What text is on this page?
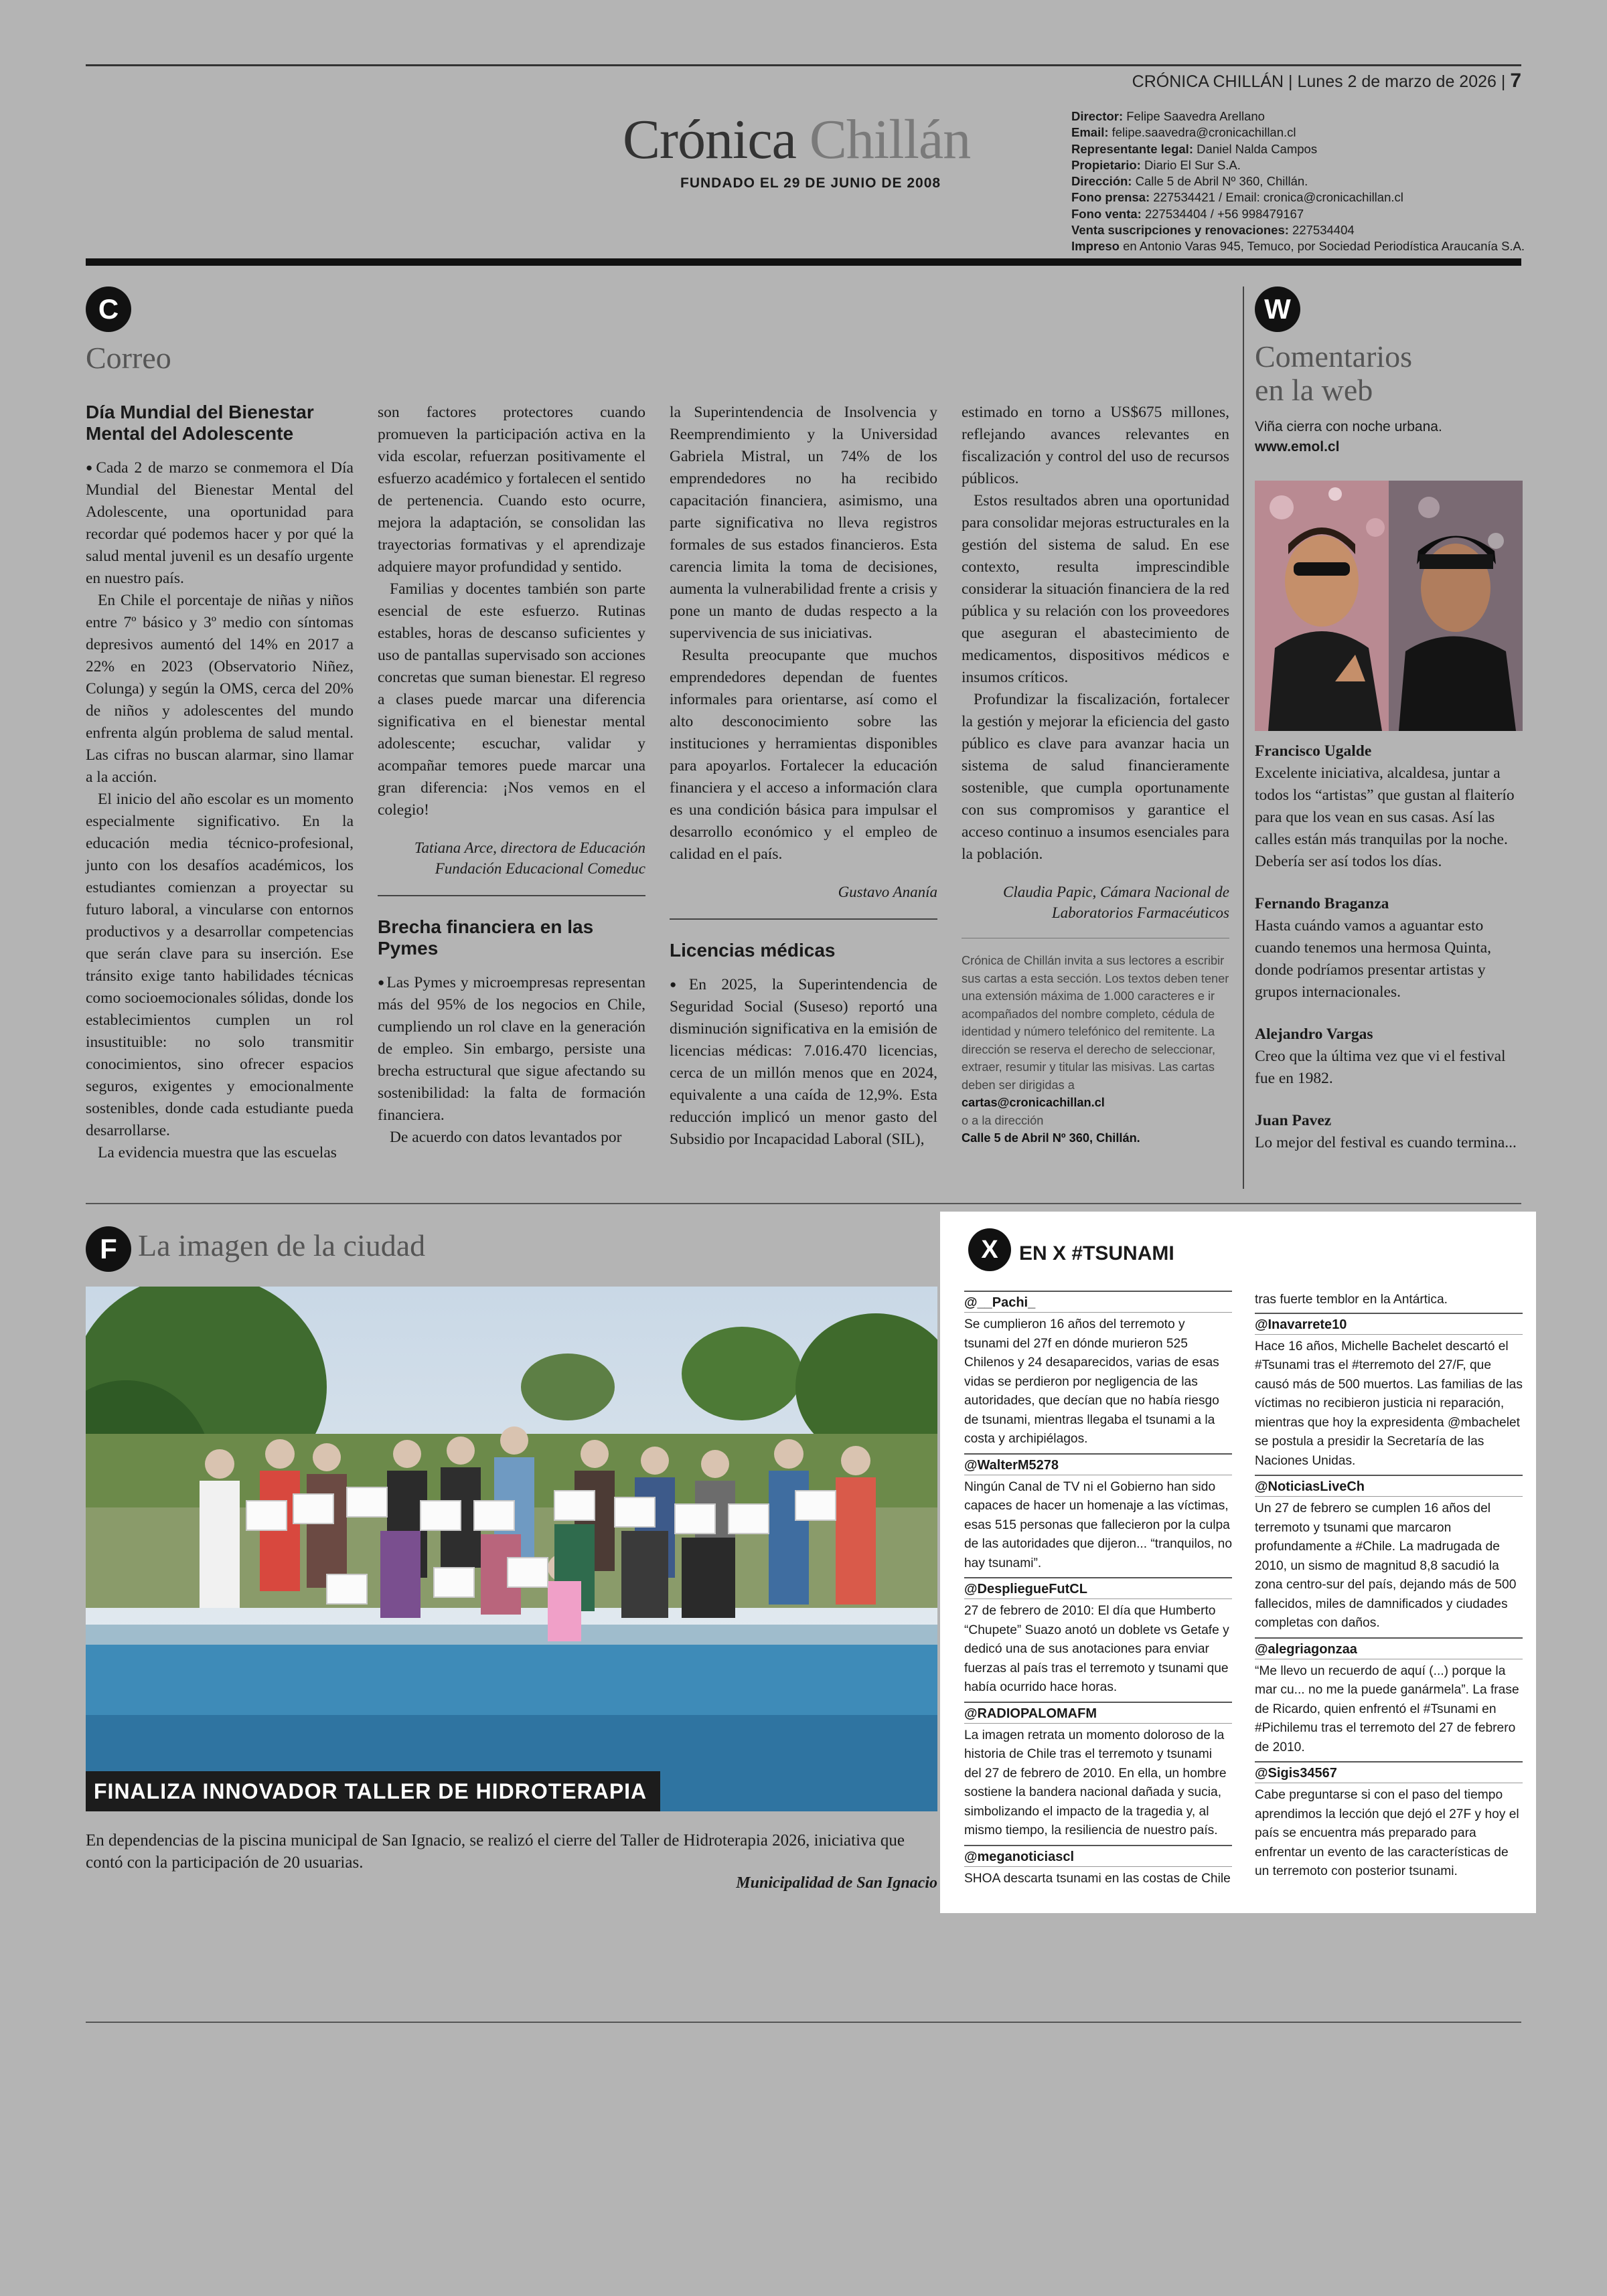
CRÓNICA CHILLÁN | Lunes 2 de marzo de 2026 | 7
Crónica Chillán
FUNDADO EL 29 DE JUNIO DE 2008
Director: Felipe Saavedra Arellano
Email: felipe.saavedra@cronicachillan.cl
Representante legal: Daniel Nalda Campos
Propietario: Diario El Sur S.A.
Dirección: Calle 5 de Abril Nº 360, Chillán.
Fono prensa: 227534421 / Email: cronica@cronicachillan.cl
Fono venta: 227534404 / +56 998479167
Venta suscripciones y renovaciones: 227534404
Impreso en Antonio Varas 945, Temuco, por Sociedad Periodística Araucanía S.A.
C
Correo
Día Mundial del Bienestar Mental del Adolescente

● Cada 2 de marzo se conmemora el Día Mundial del Bienestar Mental del Adolescente, una oportunidad para recordar qué podemos hacer y por qué la salud mental juvenil es un desafío urgente en nuestro país.

En Chile el porcentaje de niñas y niños entre 7º básico y 3º medio con síntomas depresivos aumentó del 14% en 2017 a 22% en 2023 (Observatorio Niñez, Colunga) y según la OMS, cerca del 20% de niños y adolescentes del mundo enfrenta algún problema de salud mental. Las cifras no buscan alarmar, sino llamar a la acción.

El inicio del año escolar es un momento especialmente significativo. En la educación media técnico-profesional, junto con los desafíos académicos, los estudiantes comienzan a proyectar su futuro laboral, a vincularse con entornos productivos y a desarrollar competencias que serán clave para su inserción. Ese tránsito exige tanto habilidades técnicas como socioemocionales sólidas, donde los establecimientos cumplen un rol insustituible: no solo transmitir conocimientos, sino ofrecer espacios seguros, exigentes y emocionalmente sostenibles, donde cada estudiante pueda desarrollarse.

La evidencia muestra que las escuelas

son factores protectores cuando promueven la participación activa en la vida escolar, refuerzan positivamente el esfuerzo académico y fortalecen el sentido de pertenencia. Cuando esto ocurre, mejora la adaptación, se consolidan las trayectorias formativas y el aprendizaje adquiere mayor profundidad y sentido.

Familias y docentes también son parte esencial de este esfuerzo. Rutinas estables, horas de descanso suficientes y uso de pantallas supervisado son acciones concretas que suman bienestar. El regreso a clases puede marcar una diferencia significativa en el bienestar mental adolescente; escuchar, validar y acompañar temores puede marcar una gran diferencia: ¡Nos vemos en el colegio!

Tatiana Arce, directora de Educación Fundación Educacional Comeduc
Brecha financiera en las Pymes

● Las Pymes y microempresas representan más del 95% de los negocios en Chile, cumpliendo un rol clave en la generación de empleo. Sin embargo, persiste una brecha estructural que sigue afectando su sostenibilidad: la falta de formación financiera.

De acuerdo con datos levantados por

la Superintendencia de Insolvencia y Reemprendimiento y la Universidad Gabriela Mistral, un 74% de los emprendedores no ha recibido capacitación financiera, asimismo, una parte significativa no lleva registros formales de sus estados financieros. Esta carencia limita la toma de decisiones, aumenta la vulnerabilidad frente a crisis y pone un manto de dudas respecto a la supervivencia de sus iniciativas.

Resulta preocupante que muchos emprendedores dependan de fuentes informales para orientarse, así como el alto desconocimiento sobre las instituciones y herramientas disponibles para apoyarlos. Fortalecer la educación financiera y el acceso a información clara es una condición básica para impulsar el desarrollo económico y el empleo de calidad en el país.

Gustavo Ananía
Licencias médicas

● En 2025, la Superintendencia de Seguridad Social (Suseso) reportó una disminución significativa en la emisión de licencias médicas: 7.016.470 licencias, cerca de un millón menos que en 2024, equivalente a una caída de 12,9%. Esta reducción implicó un menor gasto del Subsidio por Incapacidad Laboral (SIL),

estimado en torno a US$675 millones, reflejando avances relevantes en fiscalización y control del uso de recursos públicos.

Estos resultados abren una oportunidad para consolidar mejoras estructurales en la gestión del sistema de salud. En ese contexto, resulta imprescindible considerar la situación financiera de la red pública y su relación con los proveedores que aseguran el abastecimiento de medicamentos, dispositivos médicos e insumos críticos.

Profundizar la fiscalización, fortalecer la gestión y mejorar la eficiencia del gasto público es clave para avanzar hacia un sistema de salud financieramente sostenible, que cumpla oportunamente con sus compromisos y garantice el acceso continuo a insumos esenciales para la población.

Claudia Papic, Cámara Nacional de Laboratorios Farmacéuticos
Crónica de Chillán invita a sus lectores a escribir sus cartas a esta sección. Los textos deben tener una extensión máxima de 1.000 caracteres e ir acompañados del nombre completo, cédula de identidad y número telefónico del remitente. La dirección se reserva el derecho de seleccionar, extraer, resumir y titular las misivas. Las cartas deben ser dirigidas a
cartas@cronicachillan.cl
o a la dirección
Calle 5 de Abril Nº 360, Chillán.
W
Comentarios
en la web
Viña cierra con noche urbana.
www.emol.cl
Francisco Ugalde
Excelente iniciativa, alcaldesa, juntar a todos los “artistas” que gustan al flaiterío para que los vean en sus casas. Así las calles están más tranquilas por la noche. Debería ser así todos los días.
Fernando Braganza
Hasta cuándo vamos a aguantar esto cuando tenemos una hermosa Quinta, donde podríamos presentar artistas y grupos internacionales.
Alejandro Vargas
Creo que la última vez que vi el festival fue en 1982.
Juan Pavez
Lo mejor del festival es cuando termina...
F La imagen de la ciudad
FINALIZA INNOVADOR TALLER DE HIDROTERAPIA
En dependencias de la piscina municipal de San Ignacio, se realizó el cierre del Taller de Hidroterapia 2026, iniciativa que contó con la participación de 20 usuarias.
Municipalidad de San Ignacio
X	EN X #TSUNAMI
@__Pachi_
Se cumplieron 16 años del terremoto y tsunami del 27f en dónde murieron 525 Chilenos y 24 desaparecidos, varias de esas vidas se perdieron por negligencia de las autoridades, que decían que no había riesgo de tsunami, mientras llegaba el tsunami a la costa y archipiélagos.
@WalterM5278
Ningún Canal de TV ni el Gobierno han sido capaces de hacer un homenaje a las víctimas, esas 515 personas que fallecieron por la culpa de las autoridades que dijeron... “tranquilos, no hay tsunami”.
@DespliegueFutCL
27 de febrero de 2010: El día que Humberto “Chupete” Suazo anotó un doblete vs Getafe y dedicó una de sus anotaciones para enviar fuerzas al país tras el terremoto y tsunami que había ocurrido hace horas.
@RADIOPALOMAFM
La imagen retrata un momento doloroso de la historia de Chile tras el terremoto y tsunami del 27 de febrero de 2010. En ella, un hombre sostiene la bandera nacional dañada y sucia, simbolizando el impacto de la tragedia y, al mismo tiempo, la resiliencia de nuestro país.
@meganoticiascl
SHOA descarta tsunami en las costas de Chile
tras fuerte temblor en la Antártica.
@Inavarrete10
Hace 16 años, Michelle Bachelet descartó el #Tsunami tras el #terremoto del 27/F, que causó más de 500 muertos. Las familias de las víctimas no recibieron justicia ni reparación, mientras que hoy la expresidenta @mbachelet se postula a presidir la Secretaría de las Naciones Unidas.
@NoticiasLiveCh
Un 27 de febrero se cumplen 16 años del terremoto y tsunami que marcaron profundamente a #Chile. La madrugada de 2010, un sismo de magnitud 8,8 sacudió la zona centro-sur del país, dejando más de 500 fallecidos, miles de damnificados y ciudades completas con daños.
@alegriagonzaa
“Me llevo un recuerdo de aquí (...) porque la mar cu... no me la puede ganármela”. La frase de Ricardo, quien enfrentó el #Tsunami en #Pichilemu tras el terremoto del 27 de febrero de 2010.
@Sigis34567
Cabe preguntarse si con el paso del tiempo aprendimos la lección que dejó el 27F y hoy el país se encuentra más preparado para enfrentar un evento de las características de un terremoto con posterior tsunami.
